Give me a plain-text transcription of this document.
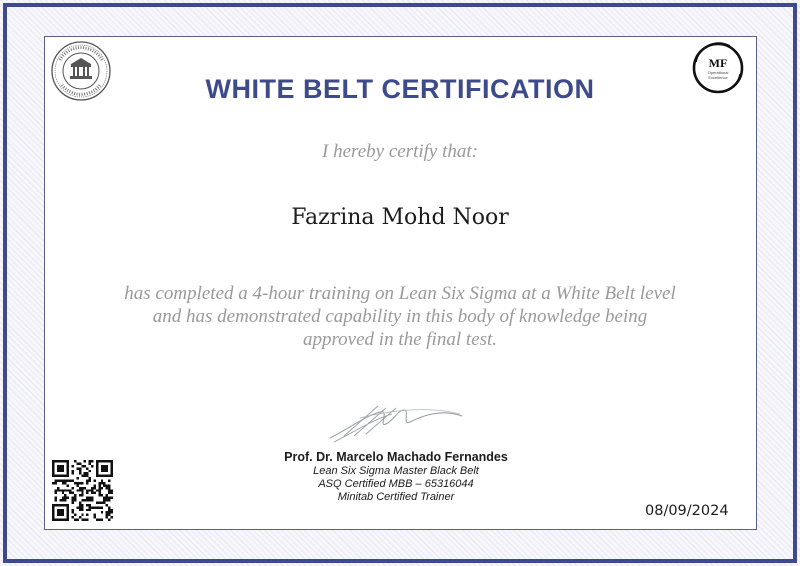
MF
Operational
Excellence
WHITE BELT CERTIFICATION
I hereby certify that:
Fazrina Mohd Noor
has completed a 4-hour training on Lean Six Sigma at a White Belt level and has demonstrated capability in this body of knowledge being approved in the final test.
Prof. Dr. Marcelo Machado Fernandes
Lean Six Sigma Master Black Belt
ASQ Certified MBB – 65316044
Minitab Certified Trainer
08/09/2024
